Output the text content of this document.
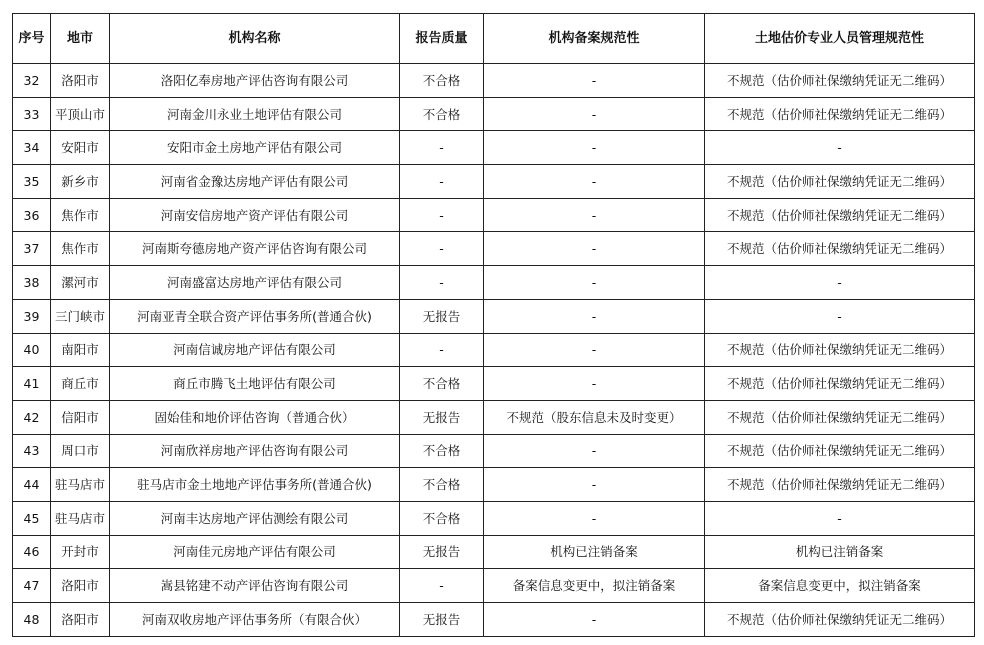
序号	地市	机构名称	报告质量	机构备案规范性	土地估价专业人员管理规范性
32	洛阳市	洛阳亿奉房地产评估咨询有限公司	不合格	-	不规范（估价师社保缴纳凭证无二维码）
33	平顶山市	河南金川永业土地评估有限公司	不合格	-	不规范（估价师社保缴纳凭证无二维码）
34	安阳市	安阳市金土房地产评估有限公司	-	-	-
35	新乡市	河南省金豫达房地产评估有限公司	-	-	不规范（估价师社保缴纳凭证无二维码）
36	焦作市	河南安信房地产资产评估有限公司	-	-	不规范（估价师社保缴纳凭证无二维码）
37	焦作市	河南斯夸德房地产资产评估咨询有限公司	-	-	不规范（估价师社保缴纳凭证无二维码）
38	漯河市	河南盛富达房地产评估有限公司	-	-	-
39	三门峡市	河南亚青全联合资产评估事务所(普通合伙)	无报告	-	-
40	南阳市	河南信诚房地产评估有限公司	-	-	不规范（估价师社保缴纳凭证无二维码）
41	商丘市	商丘市腾飞土地评估有限公司	不合格	-	不规范（估价师社保缴纳凭证无二维码）
42	信阳市	固始佳和地价评估咨询（普通合伙）	无报告	不规范（股东信息未及时变更）	不规范（估价师社保缴纳凭证无二维码）
43	周口市	河南欣祥房地产评估咨询有限公司	不合格	-	不规范（估价师社保缴纳凭证无二维码）
44	驻马店市	驻马店市金土地地产评估事务所(普通合伙)	不合格	-	不规范（估价师社保缴纳凭证无二维码）
45	驻马店市	河南丰达房地产评估测绘有限公司	不合格	-	-
46	开封市	河南佳元房地产评估有限公司	无报告	机构已注销备案	机构已注销备案
47	洛阳市	嵩县铭建不动产评估咨询有限公司	-	备案信息变更中，拟注销备案	备案信息变更中，拟注销备案
48	洛阳市	河南双收房地产评估事务所（有限合伙）	无报告	-	不规范（估价师社保缴纳凭证无二维码）
